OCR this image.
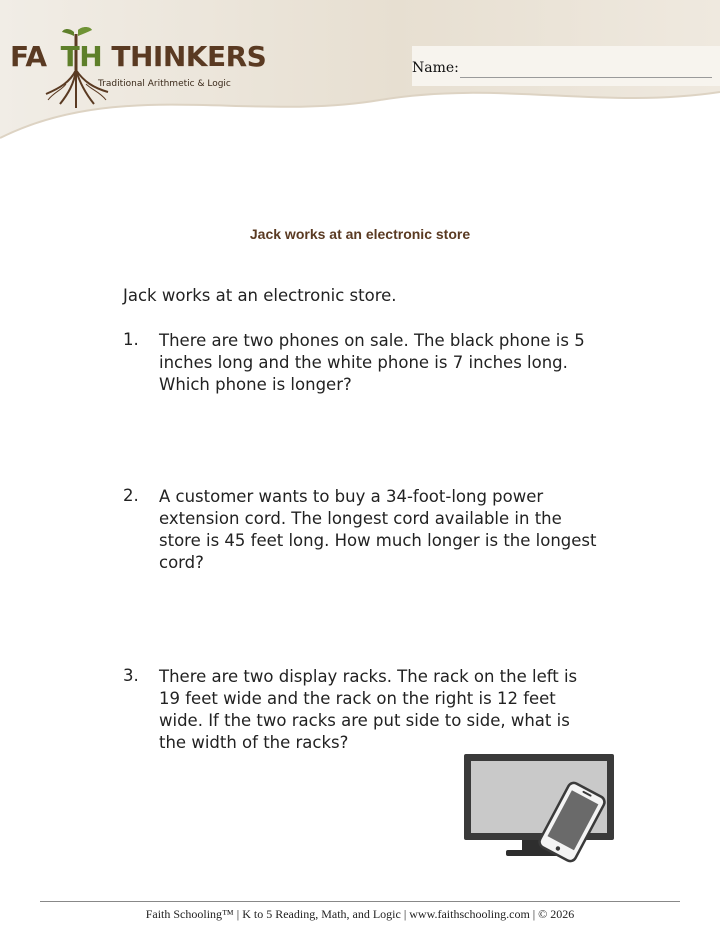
FA TH THINKERS
Traditional Arithmetic & Logic
Name:
Jack works at an electronic store
Jack works at an electronic store.
1. There are two phones on sale. The black phone is 5 inches long and the white phone is 7 inches long. Which phone is longer?
2. A customer wants to buy a 34-foot-long power extension cord. The longest cord available in the store is 45 feet long. How much longer is the longest cord?
3. There are two display racks. The rack on the left is 19 feet wide and the rack on the right is 12 feet wide. If the two racks are put side to side, what is the width of the racks?
Faith Schooling™ | K to 5 Reading, Math, and Logic | www.faithschooling.com | © 2026
